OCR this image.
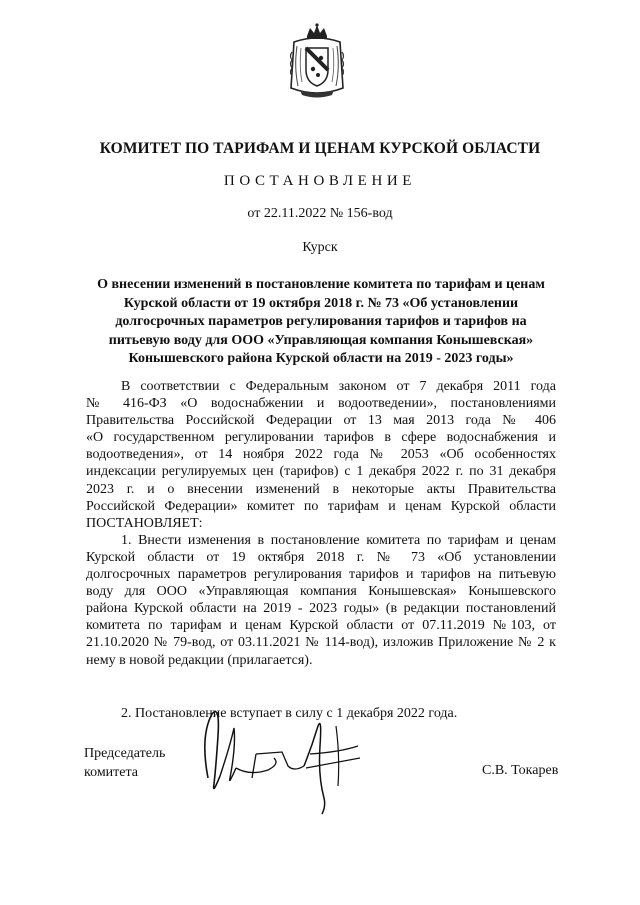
КОМИТЕТ ПО ТАРИФАМ И ЦЕНАМ КУРСКОЙ ОБЛАСТИ
ПОСТАНОВЛЕНИЕ
от 22.11.2022 № 156-вод
Курск
О внесении изменений в постановление комитета по тарифам и ценам
Курской области от 19 октября 2018 г. № 73 «Об установлении
долгосрочных параметров регулирования тарифов и тарифов на
питьевую воду для ООО «Управляющая компания Конышевская»
Конышевского района Курской области на 2019 - 2023 годы»
В соответствии с Федеральным законом от 7 декабря 2011 года
№ 416-ФЗ «О водоснабжении и водоотведении», постановлениями
Правительства Российской Федерации от 13 мая 2013 года № 406
«О государственном регулировании тарифов в сфере водоснабжения и
водоотведения», от 14 ноября 2022 года № 2053 «Об особенностях
индексации регулируемых цен (тарифов) с 1 декабря 2022 г. по 31 декабря
2023 г. и о внесении изменений в некоторые акты Правительства
Российской Федерации» комитет по тарифам и ценам Курской области
ПОСТАНОВЛЯЕТ:
1. Внести изменения в постановление комитета по тарифам и ценам
Курской области от 19 октября 2018 г. № 73 «Об установлении
долгосрочных параметров регулирования тарифов и тарифов на питьевую
воду для ООО «Управляющая компания Конышевская» Конышевского
района Курской области на 2019 - 2023 годы» (в редакции постановлений
комитета по тарифам и ценам Курской области от 07.11.2019 №103, от
21.10.2020 № 79-вод, от 03.11.2021 № 114-вод), изложив Приложение № 2 к
нему в новой редакции (прилагается).
2. Постановление вступает в силу с 1 декабря 2022 года.
Председатель
комитета	С.В. Токарев
